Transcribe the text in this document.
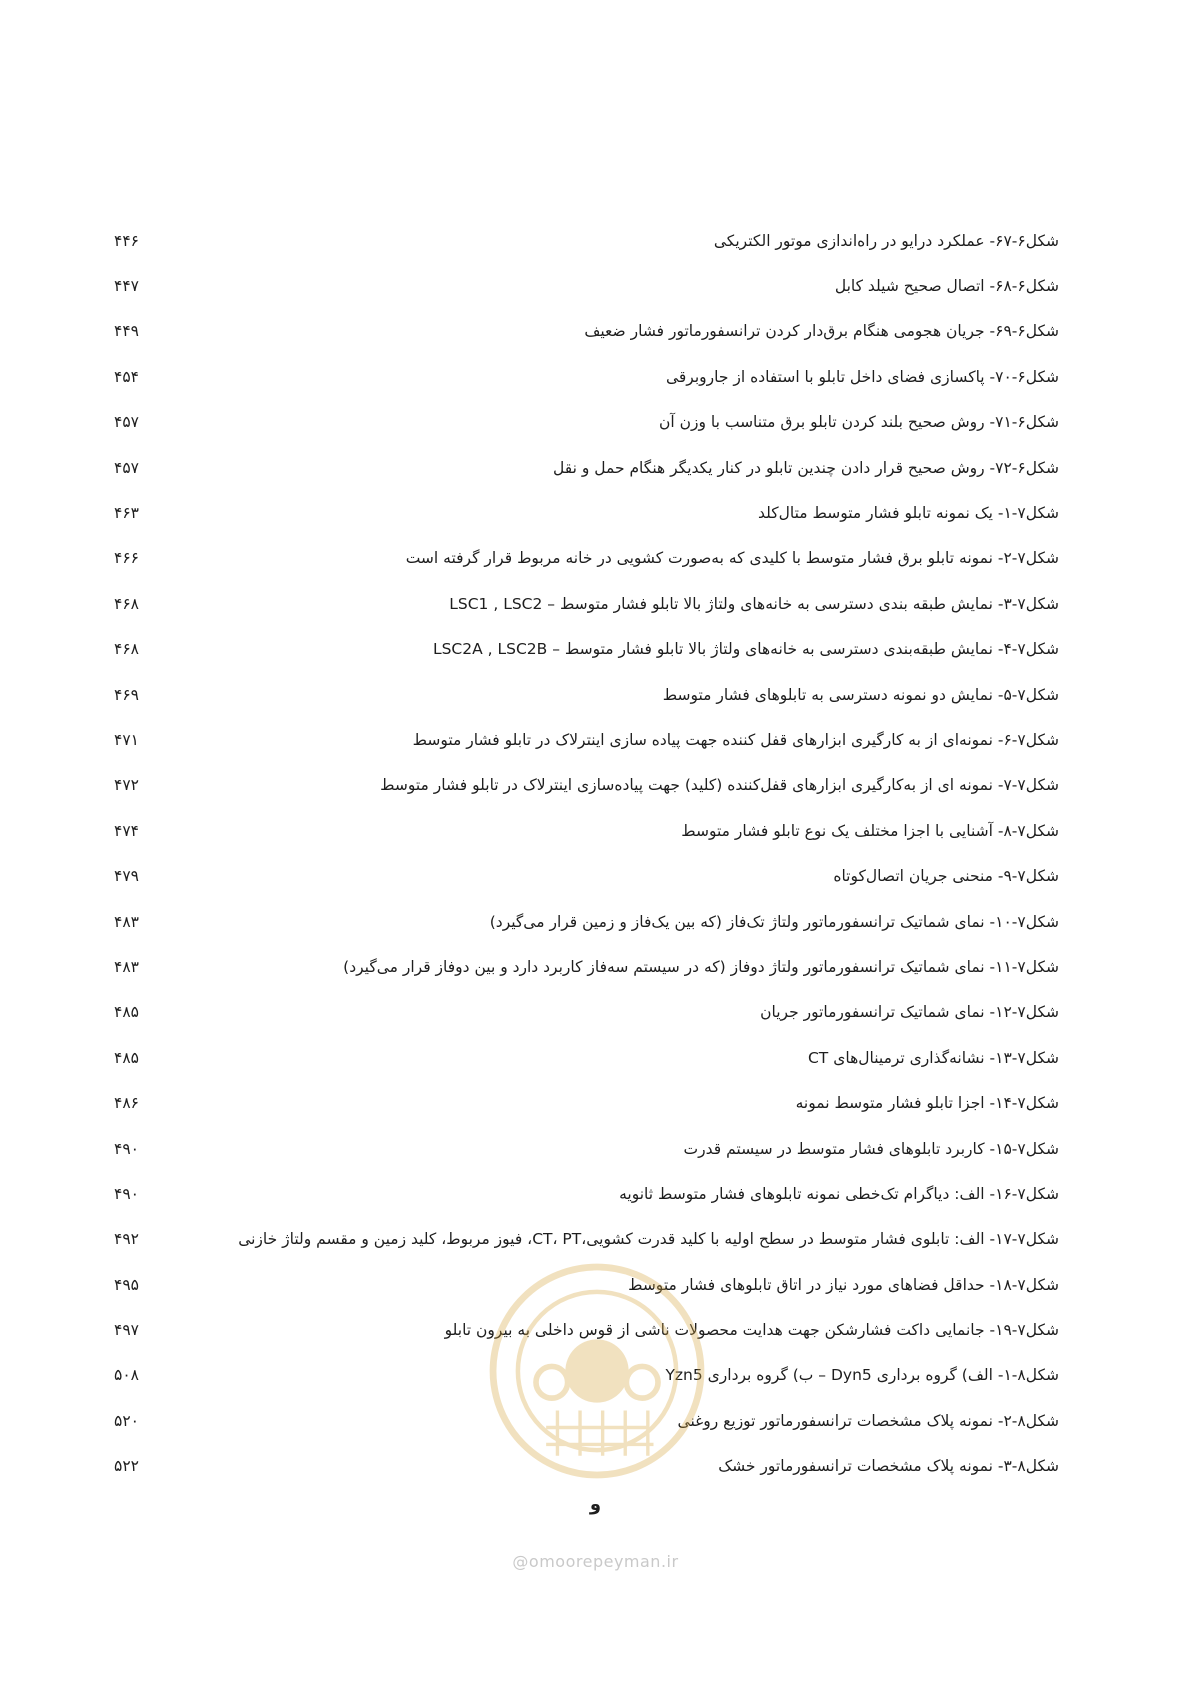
شکل۶-۶۷- عملکرد درایو در راه‌اندازی موتور الکتریکی
۴۴۶
شکل۶-۶۸- اتصال صحیح شیلد کابل
۴۴۷
شکل۶-۶۹- جریان هجومی هنگام برق‌دار کردن ترانسفورماتور فشار ضعیف
۴۴۹
شکل۶-۷۰- پاکسازی فضای داخل تابلو با استفاده از جاروبرقی
۴۵۴
شکل۶-۷۱- روش صحیح بلند کردن تابلو برق متناسب با وزن آن
۴۵۷
شکل۶-۷۲- روش صحیح قرار دادن چندین تابلو در کنار یکدیگر هنگام حمل و نقل
۴۵۷
شکل۷-۱- یک نمونه تابلو فشار متوسط متال‌کلد
۴۶۳
شکل۷-۲- نمونه تابلو برق فشار متوسط با کلیدی که به‌صورت کشویی در خانه مربوط قرار گرفته است
۴۶۶
شکل۷-۳- نمایش طبقه بندی دسترسی به خانه‌های ولتاژ بالا تابلو فشار متوسط – LSC1 , LSC2
۴۶۸
شکل۷-۴- نمایش طبقه‌بندی دسترسی به خانه‌های ولتاژ بالا تابلو فشار متوسط – LSC2A , LSC2B
۴۶۸
شکل۷-۵- نمایش دو نمونه دسترسی به تابلوهای فشار متوسط
۴۶۹
شکل۷-۶- نمونه‌ای از به کارگیری ابزارهای قفل کننده جهت پیاده سازی اینترلاک در تابلو فشار متوسط
۴۷۱
شکل۷-۷- نمونه ای از به‌کارگیری ابزارهای قفل‌کننده (کلید) جهت پیاده‌سازی اینترلاک در تابلو فشار متوسط
۴۷۲
شکل۷-۸- آشنایی با اجزا مختلف یک نوع تابلو فشار متوسط
۴۷۴
شکل۷-۹- منحنی جریان اتصال‌کوتاه
۴۷۹
شکل۷-۱۰- نمای شماتیک ترانسفورماتور ولتاژ تک‌فاز (که بین یک‌فاز و زمین قرار می‌گیرد)
۴۸۳
شکل۷-۱۱- نمای شماتیک ترانسفورماتور ولتاژ دوفاز (که در سیستم سه‌فاز کاربرد دارد و بین دوفاز قرار می‌گیرد)
۴۸۳
شکل۷-۱۲- نمای شماتیک ترانسفورماتور جریان
۴۸۵
شکل۷-۱۳- نشانه‌گذاری ترمینال‌های CT
۴۸۵
شکل۷-۱۴- اجزا تابلو فشار متوسط نمونه
۴۸۶
شکل۷-۱۵- کاربرد تابلوهای فشار متوسط در سیستم قدرت
۴۹۰
شکل۷-۱۶- الف: دیاگرام تک‌خطی نمونه تابلوهای فشار متوسط ثانویه
۴۹۰
شکل۷-۱۷- الف: تابلوی فشار متوسط در سطح اولیه با کلید قدرت کشویی،CT، PT، فیوز مربوط، کلید زمین و مقسم ولتاژ خازنی
۴۹۲
شکل۷-۱۸- حداقل فضاهای مورد نیاز در اتاق تابلوهای فشار متوسط
۴۹۵
شکل۷-۱۹- جانمایی داکت فشارشکن جهت هدایت محصولات ناشی از قوس داخلی به بیرون تابلو
۴۹۷
شکل۸-۱- الف) گروه برداری Dyn5 – ب) گروه برداری Yzn5
۵۰۸
شکل۸-۲- نمونه پلاک مشخصات ترانسفورماتور توزیع روغنی
۵۲۰
شکل۸-۳- نمونه پلاک مشخصات ترانسفورماتور خشک
۵۲۲
و
@omoorepeyman.ir
